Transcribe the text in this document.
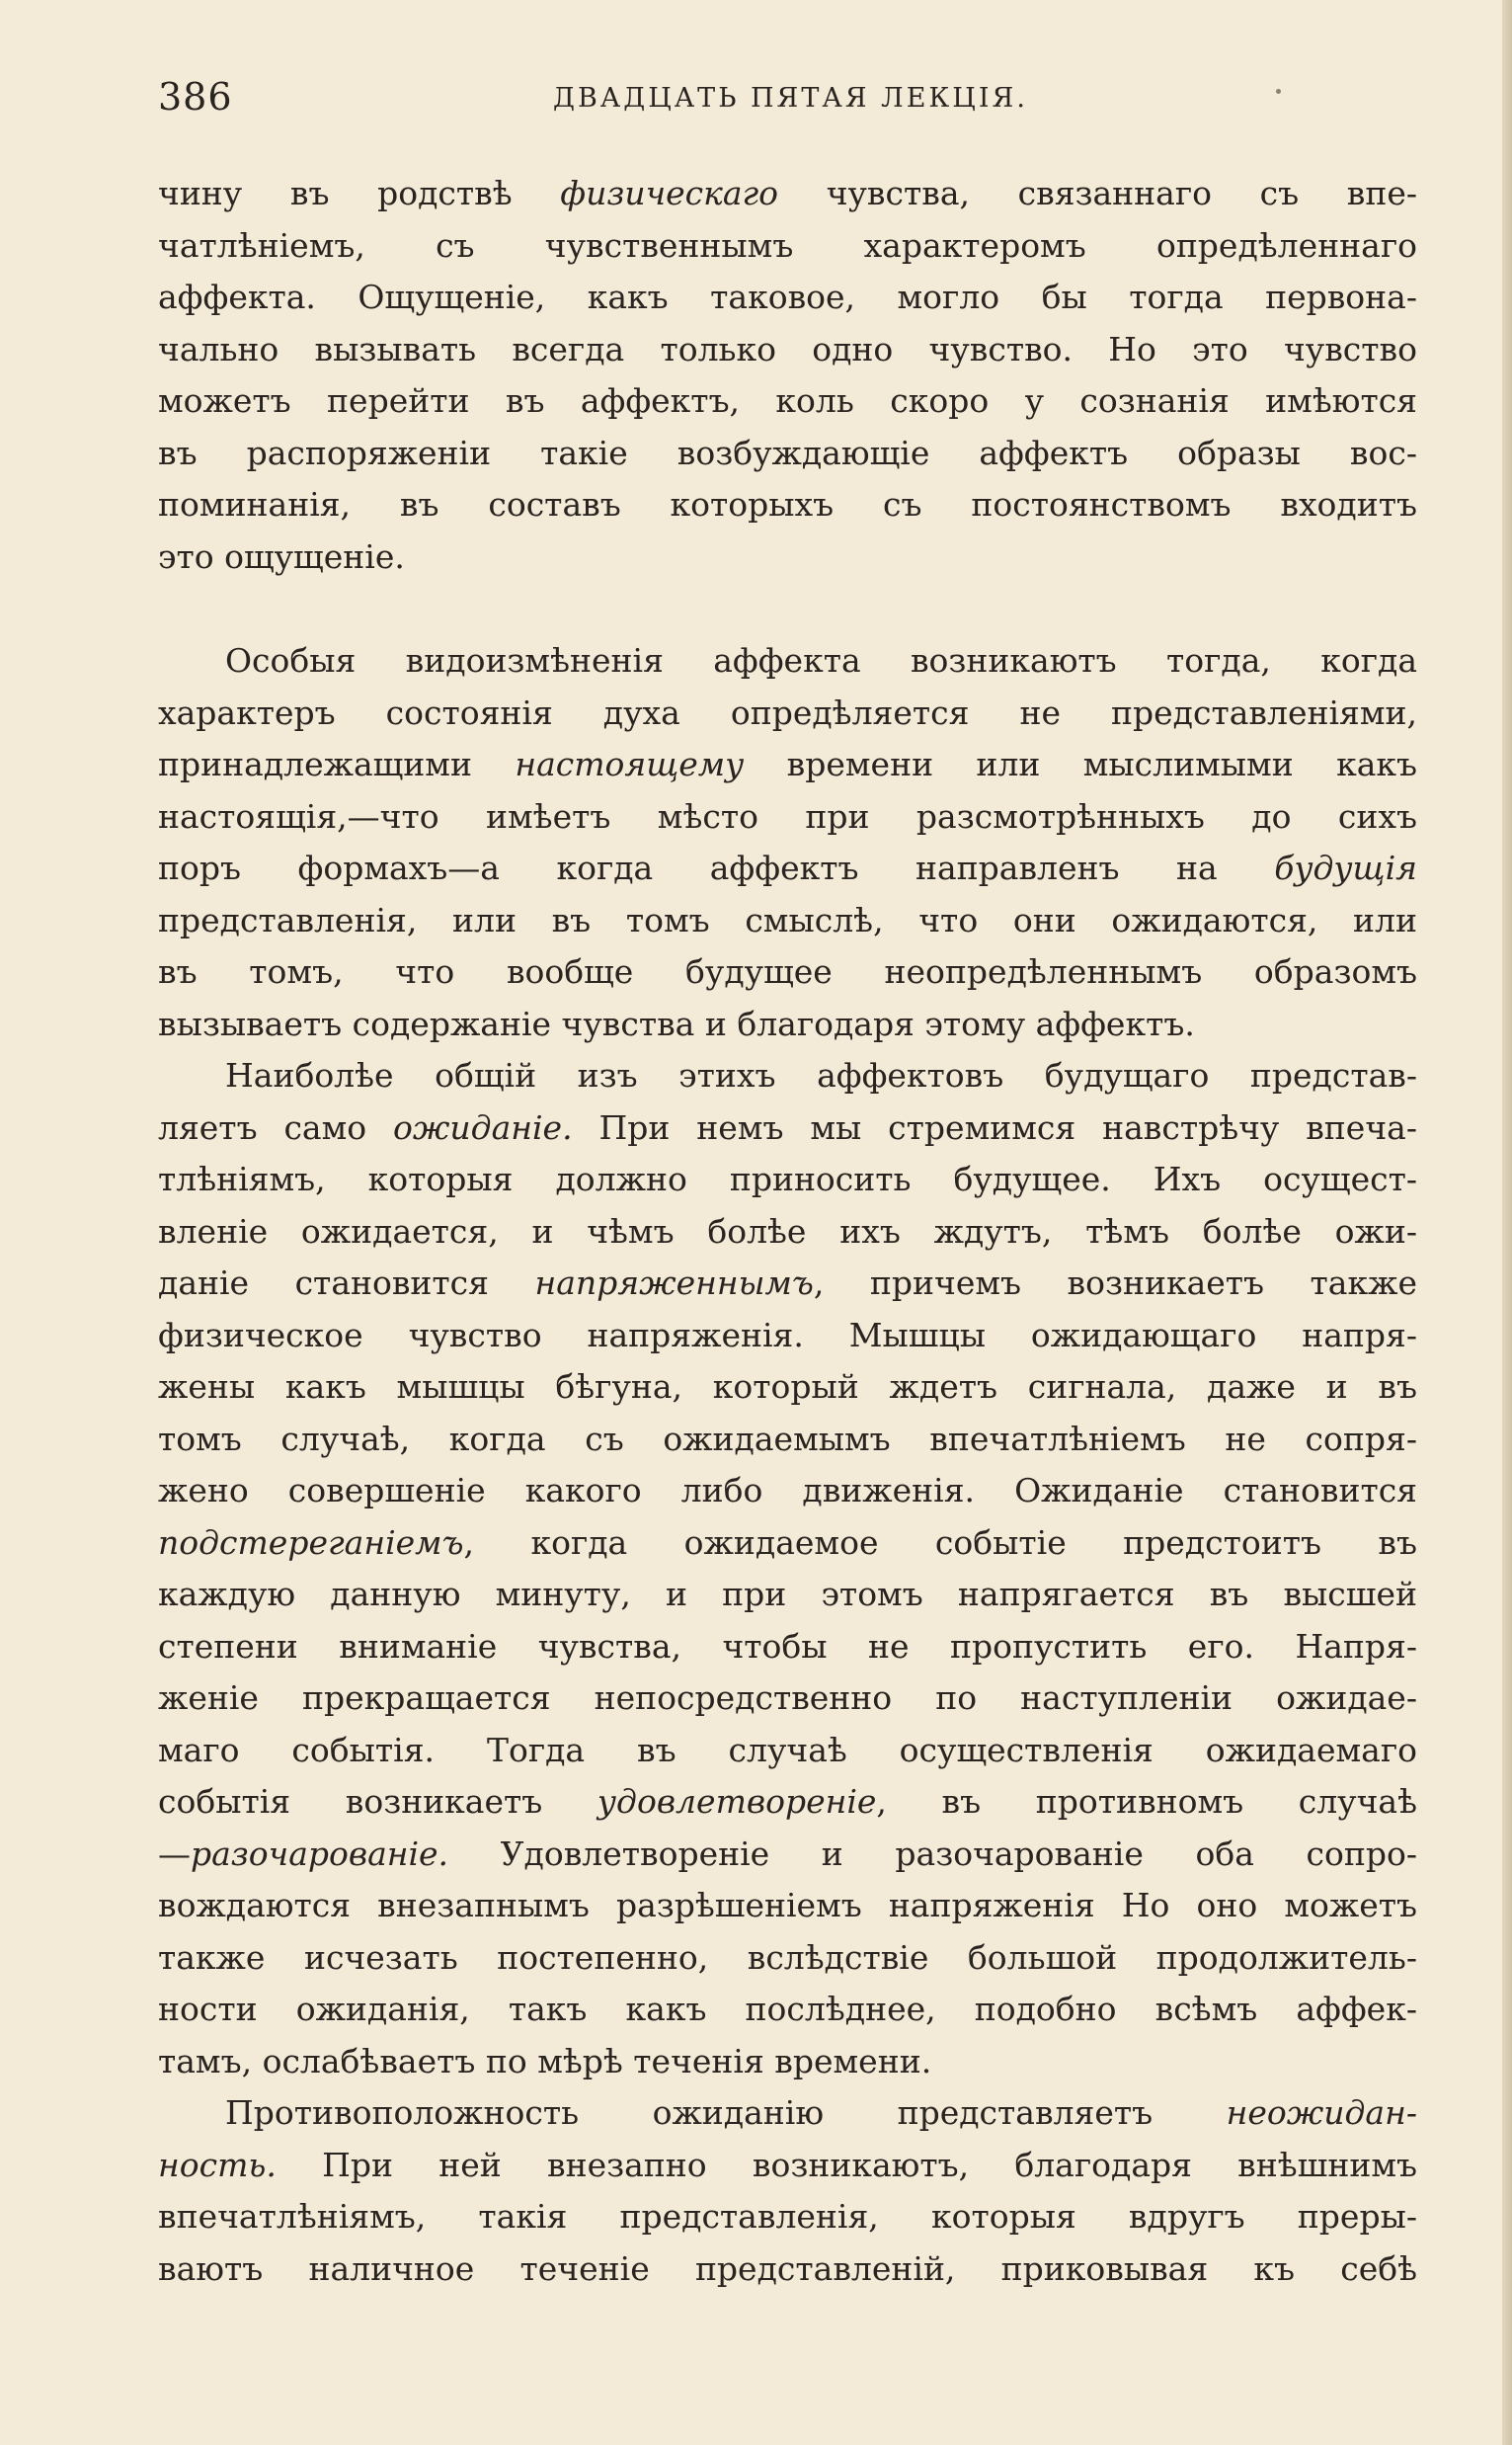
386	ДВАДЦАТЬ ПЯТАЯ ЛЕКЦІЯ.
чину въ родствѣ физическаго чувства, связаннаго съ впе-
чатлѣніемъ, съ чувственнымъ характеромъ опредѣленнаго
аффекта. Ощущеніе, какъ таковое, могло бы тогда первона-
чально вызывать всегда только одно чувство. Но это чувство
можетъ перейти въ аффектъ, коль скоро у сознанія имѣются
въ распоряженіи такіе возбуждающіе аффектъ образы вос-
поминанія, въ составъ которыхъ съ постоянствомъ входитъ
это ощущеніе.
Особыя видоизмѣненія аффекта возникаютъ тогда, когда
характеръ состоянія духа опредѣляется не представленіями,
принадлежащими настоящему времени или мыслимыми какъ
настоящія,—что имѣетъ мѣсто при разсмотрѣнныхъ до сихъ
поръ формахъ—а когда аффектъ направленъ на будущія
представленія, или въ томъ смыслѣ, что они ожидаются, или
въ томъ, что вообще будущее неопредѣленнымъ образомъ
вызываетъ содержаніе чувства и благодаря этому аффектъ.
Наиболѣе общій изъ этихъ аффектовъ будущаго представ-
ляетъ само ожиданіе. При немъ мы стремимся навстрѣчу впеча-
тлѣніямъ, которыя должно приносить будущее. Ихъ осущест-
вленіе ожидается, и чѣмъ болѣе ихъ ждутъ, тѣмъ болѣе ожи-
даніе становится напряженнымъ, причемъ возникаетъ также
физическое чувство напряженія. Мышцы ожидающаго напря-
жены какъ мышцы бѣгуна, который ждетъ сигнала, даже и въ
томъ случаѣ, когда съ ожидаемымъ впечатлѣніемъ не сопря-
жено совершеніе какого либо движенія. Ожиданіе становится
подстереганіемъ, когда ожидаемое событіе предстоитъ въ
каждую данную минуту, и при этомъ напрягается въ высшей
степени вниманіе чувства, чтобы не пропустить его. Напря-
женіе прекращается непосредственно по наступленіи ожидае-
маго событія. Тогда въ случаѣ осуществленія ожидаемаго
событія возникаетъ удовлетвореніе, въ противномъ случаѣ
—разочарованіе. Удовлетвореніе и разочарованіе оба сопро-
вождаются внезапнымъ разрѣшеніемъ напряженія Но оно можетъ
также исчезать постепенно, вслѣдствіе большой продолжитель-
ности ожиданія, такъ какъ послѣднее, подобно всѣмъ аффек-
тамъ, ослабѣваетъ по мѣрѣ теченія времени.
Противоположность ожиданію представляетъ неожидан-
ность. При ней внезапно возникаютъ, благодаря внѣшнимъ
впечатлѣніямъ, такія представленія, которыя вдругъ преры-
ваютъ наличное теченіе представленій, приковывая къ себѣ
